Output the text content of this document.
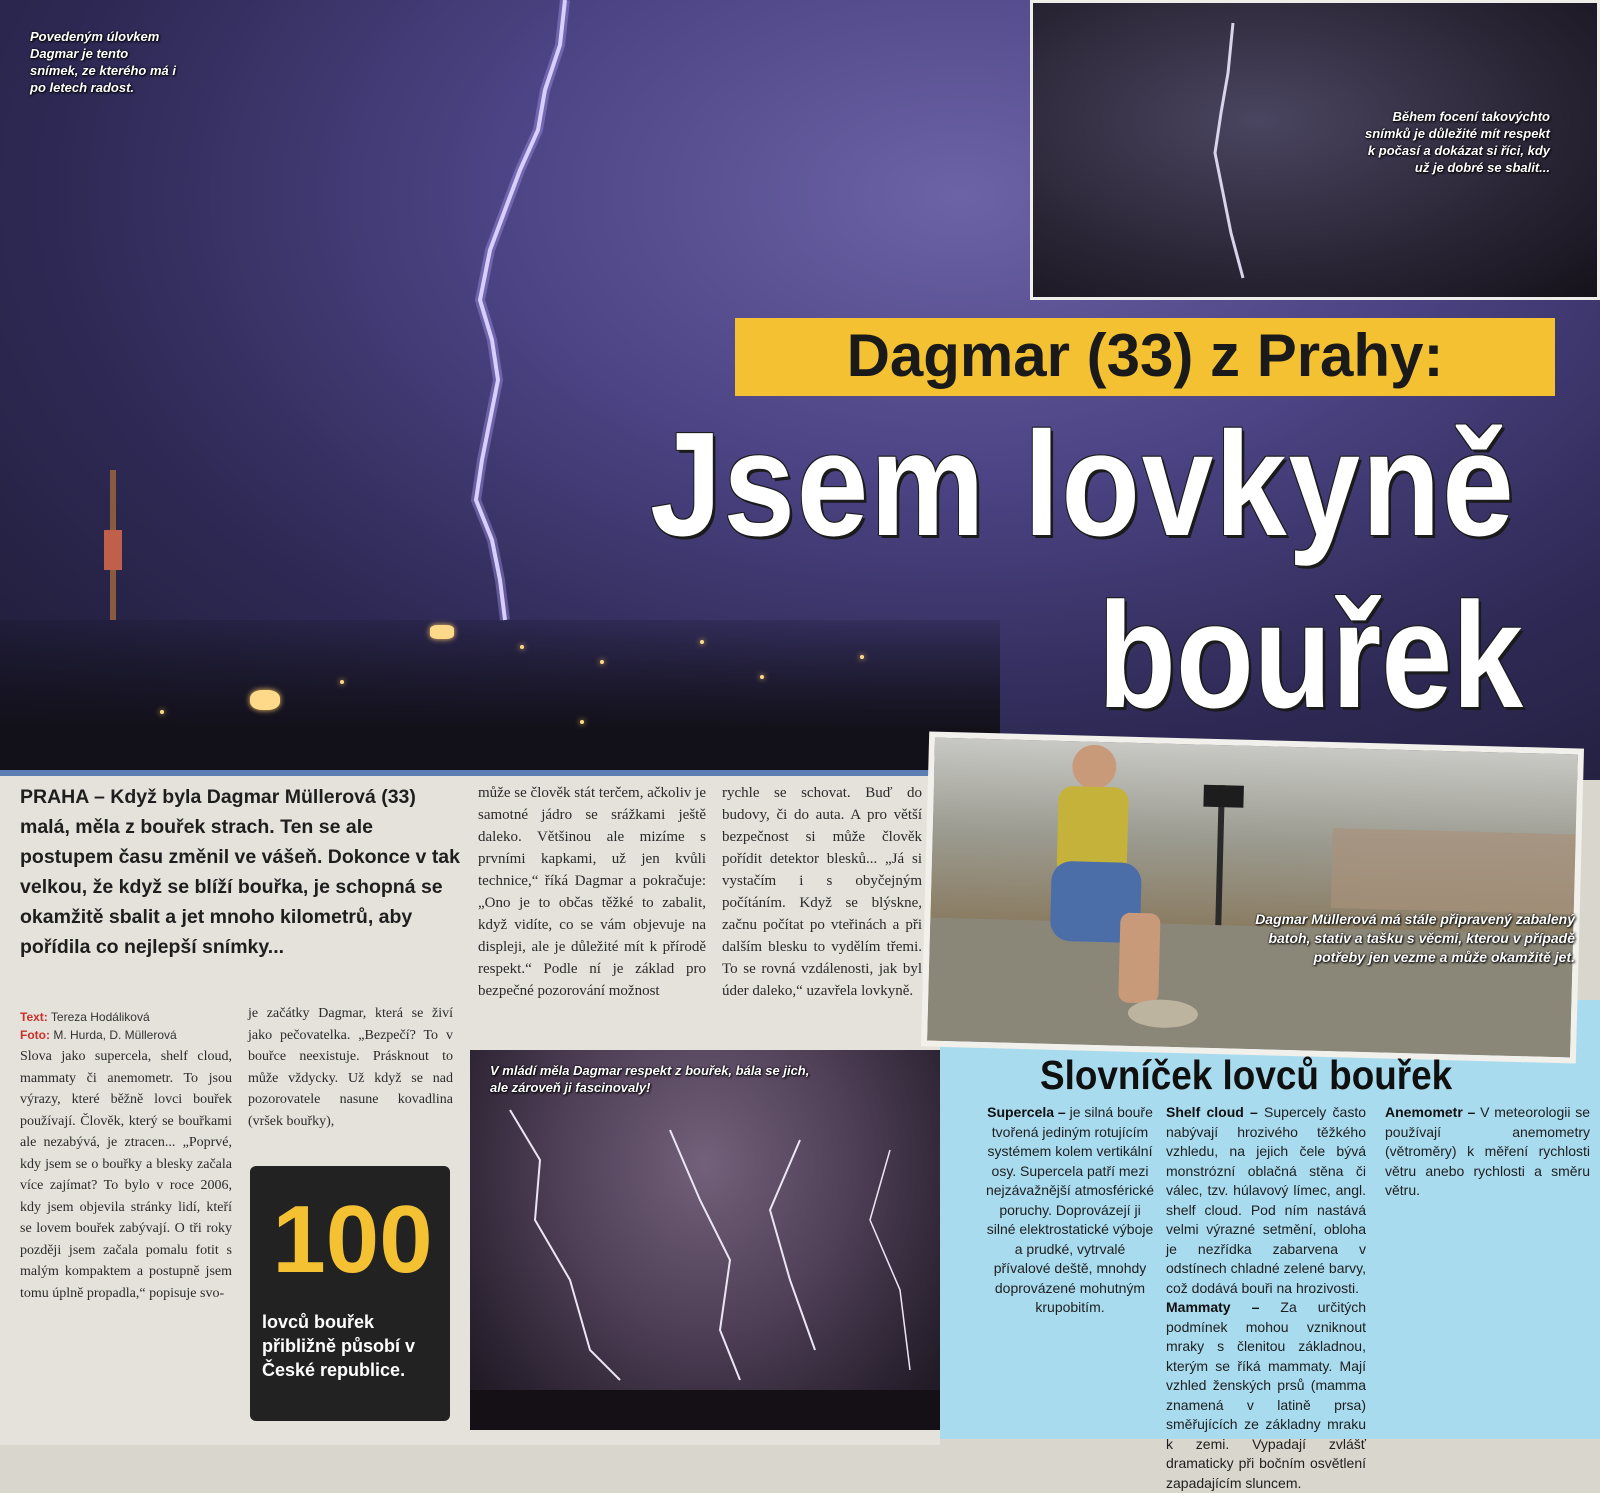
Povedeným úlovkem Dagmar je tento snímek, ze kterého má i po letech radost.
Během focení takovýchto snímků je důležité mít respekt k počasí a dokázat si říci, kdy už je dobré se sbalit...
Dagmar (33) z Prahy:
Jsem lovkyně
bouřek
PRAHA – Když byla Dagmar Müllerová (33) malá, měla z bouřek strach. Ten se ale postupem času změnil ve vášeň. Dokonce v tak velkou, že když se blíží bouřka, je schopná se okamžitě sbalit a jet mnoho kilometrů, aby pořídila co nejlepší snímky...
Text: Tereza Hodáliková
Foto: M. Hurda, D. Müllerová
Slova jako supercela, shelf cloud, mammaty či anemometr. To jsou výrazy, které běžně lovci bouřek používají. Člověk, který se bouřkami ale nezabývá, je ztracen... „Poprvé, kdy jsem se o bouřky a blesky začala více zajímat? To bylo v roce 2006, kdy jsem objevila stránky lidí, kteří se lovem bouřek zabývají. O tři roky později jsem začala pomalu fotit s malým kompaktem a postupně jsem tomu úplně propadla,“ popisuje svo-
je začátky Dagmar, která se živí jako pečovatelka. „Bezpečí? To v bouřce neexistuje. Prásknout to může vždycky. Už když se nad pozorovatele nasune kovadlina (vršek bouřky),
může se člověk stát terčem, ačkoliv je samotné jádro se srážkami ještě daleko. Většinou ale mizíme s prvními kapkami, už jen kvůli technice,“ říká Dagmar a pokračuje: „Ono je to občas těžké to zabalit, když vidíte, co se vám objevuje na displeji, ale je důležité mít k přírodě respekt.“ Podle ní je základ pro bezpečné pozorování možnost
rychle se schovat. Buď do budovy, či do auta. A pro větší bezpečnost si může člověk pořídit detektor blesků... „Já si vystačím i s obyčejným počítáním. Když se blýskne, začnu počítat po vteřinách a při dalším blesku to vydělím třemi. To se rovná vzdálenosti, jak byl úder daleko,“ uzavřela lovkyně.
100
lovců bouřek přibližně působí v České republice.
V mládí měla Dagmar respekt z bouřek, bála se jich, ale zároveň ji fascinovaly!
Dagmar Müllerová má stále připravený zabalený batoh, stativ a tašku s věcmi, kterou v případě potřeby jen vezme a může okamžitě jet.
Slovníček lovců bouřek
Supercela – je silná bouře tvořená jediným rotujícím systémem kolem vertikální osy. Supercela patří mezi nejzávažnější atmosférické poruchy. Doprovázejí ji silné elektrostatické výboje a prudké, vytrvalé přívalové deště, mnohdy doprovázené mohutným krupobitím.
Shelf cloud – Supercely často nabývají hrozivého těžkého vzhledu, na jejich čele bývá monstrózní oblačná stěna či válec, tzv. húlavový límec, angl. shelf cloud. Pod ním nastává velmi výrazné setmění, obloha je nezřídka zabarvena v odstínech chladné zelené barvy, což dodává bouři na hrozivosti.
Mammaty – Za určitých podmínek mohou vzniknout mraky s členitou základnou, kterým se říká mammaty. Mají vzhled ženských prsů (mamma znamená v latině prsa) směřujících ze základny mraku k zemi. Vypadají zvlášť dramaticky při bočním osvětlení zapadajícím sluncem.
Anemometr – V meteorologii se používají anemometry (větroměry) k měření rychlosti větru anebo rychlosti a směru větru.
